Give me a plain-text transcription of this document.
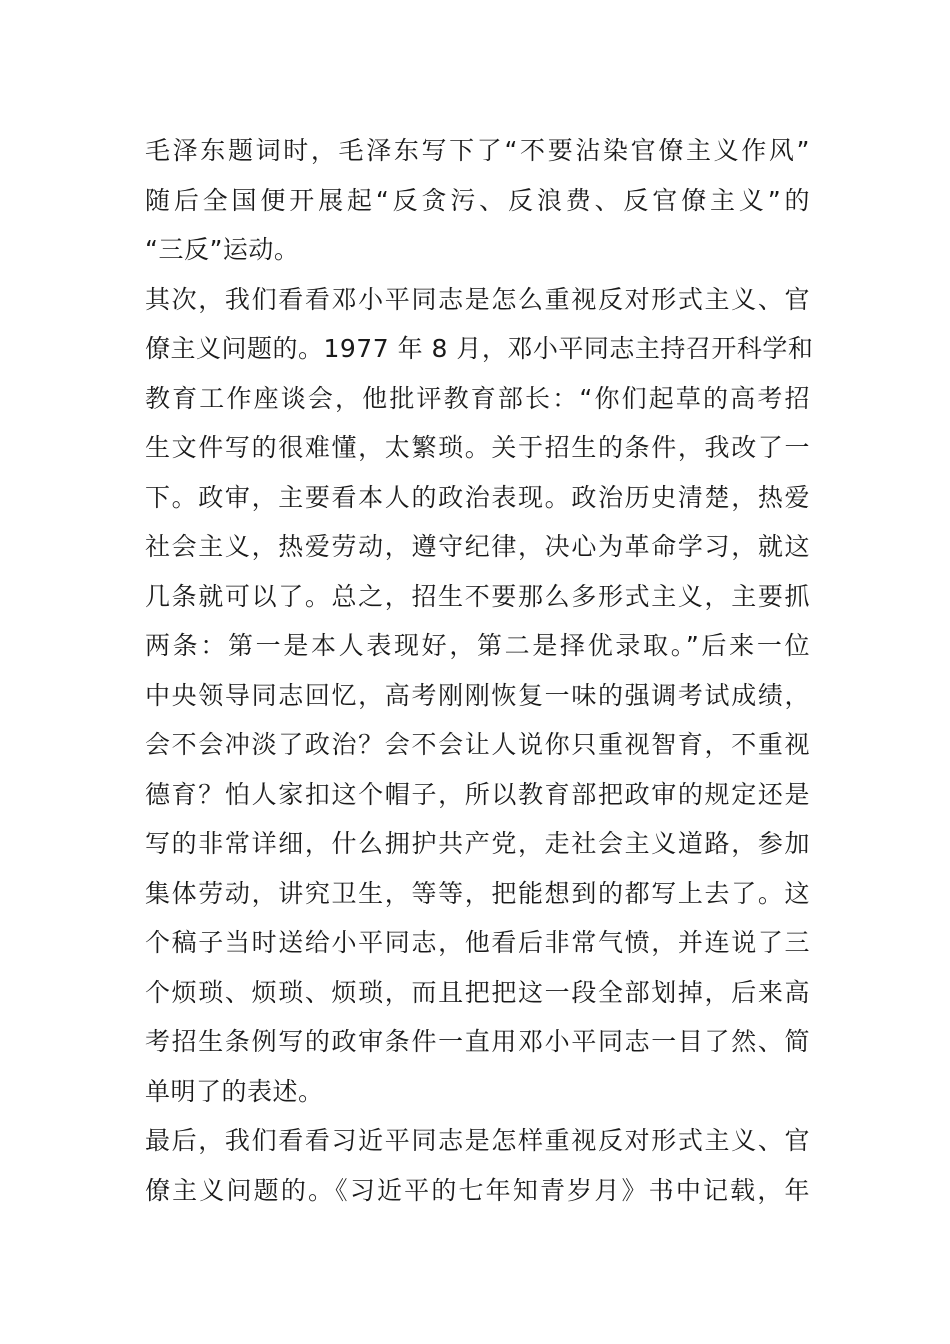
毛泽东题词时，毛泽东写下了“不要沾染官僚主义作风”
随后全国便开展起“反贪污、反浪费、反官僚主义”的
“三反”运动。
其次，我们看看邓小平同志是怎么重视反对形式主义、官
僚主义问题的。1977 年 8 月，邓小平同志主持召开科学和
教育工作座谈会，他批评教育部长：“你们起草的高考招
生文件写的很难懂，太繁琐。关于招生的条件，我改了一
下。政审，主要看本人的政治表现。政治历史清楚，热爱
社会主义，热爱劳动，遵守纪律，决心为革命学习，就这
几条就可以了。总之，招生不要那么多形式主义，主要抓
两条：第一是本人表现好，第二是择优录取。”后来一位
中央领导同志回忆，高考刚刚恢复一味的强调考试成绩，
会不会冲淡了政治？会不会让人说你只重视智育，不重视
德育？怕人家扣这个帽子，所以教育部把政审的规定还是
写的非常详细，什么拥护共产党，走社会主义道路，参加
集体劳动，讲究卫生，等等，把能想到的都写上去了。这
个稿子当时送给小平同志，他看后非常气愤，并连说了三
个烦琐、烦琐、烦琐，而且把把这一段全部划掉，后来高
考招生条例写的政审条件一直用邓小平同志一目了然、简
单明了的表述。
最后，我们看看习近平同志是怎样重视反对形式主义、官
僚主义问题的。《习近平的七年知青岁月》书中记载，年
